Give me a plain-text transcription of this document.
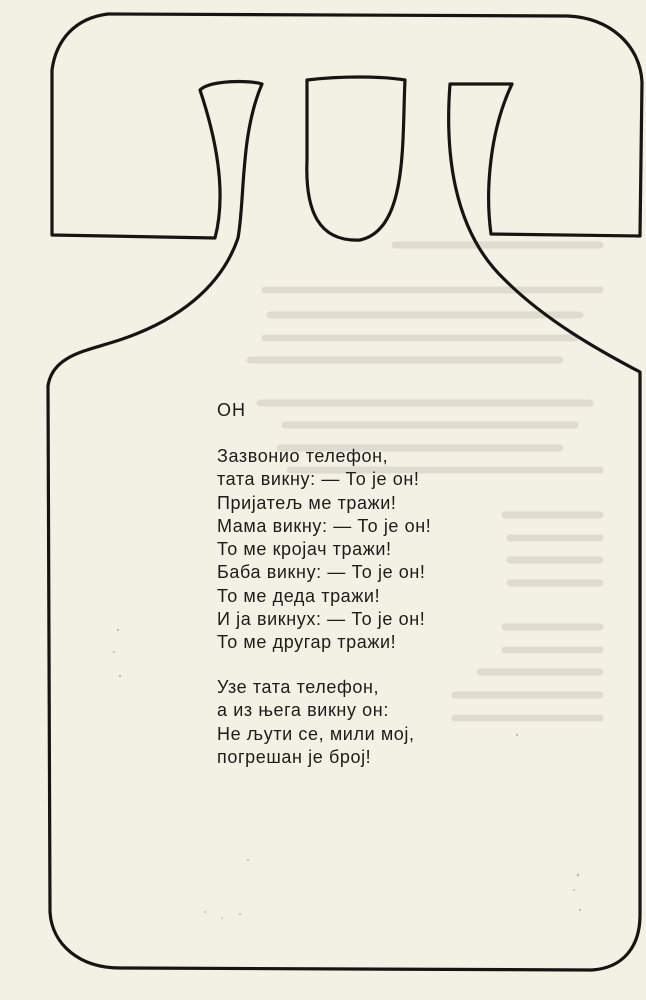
ОН
Зазвонио телефон,
тата викну: — То је он!
Пријатељ ме тражи!
Мама викну: — То је он!
То ме кројач тражи!
Баба викну: — То је он!
То ме деда тражи!
И ја викнух: — То је он!
То ме другар тражи!
Узе тата телефон,
а из њега викну он:
Не љути се, мили мој,
погрешан је број!
